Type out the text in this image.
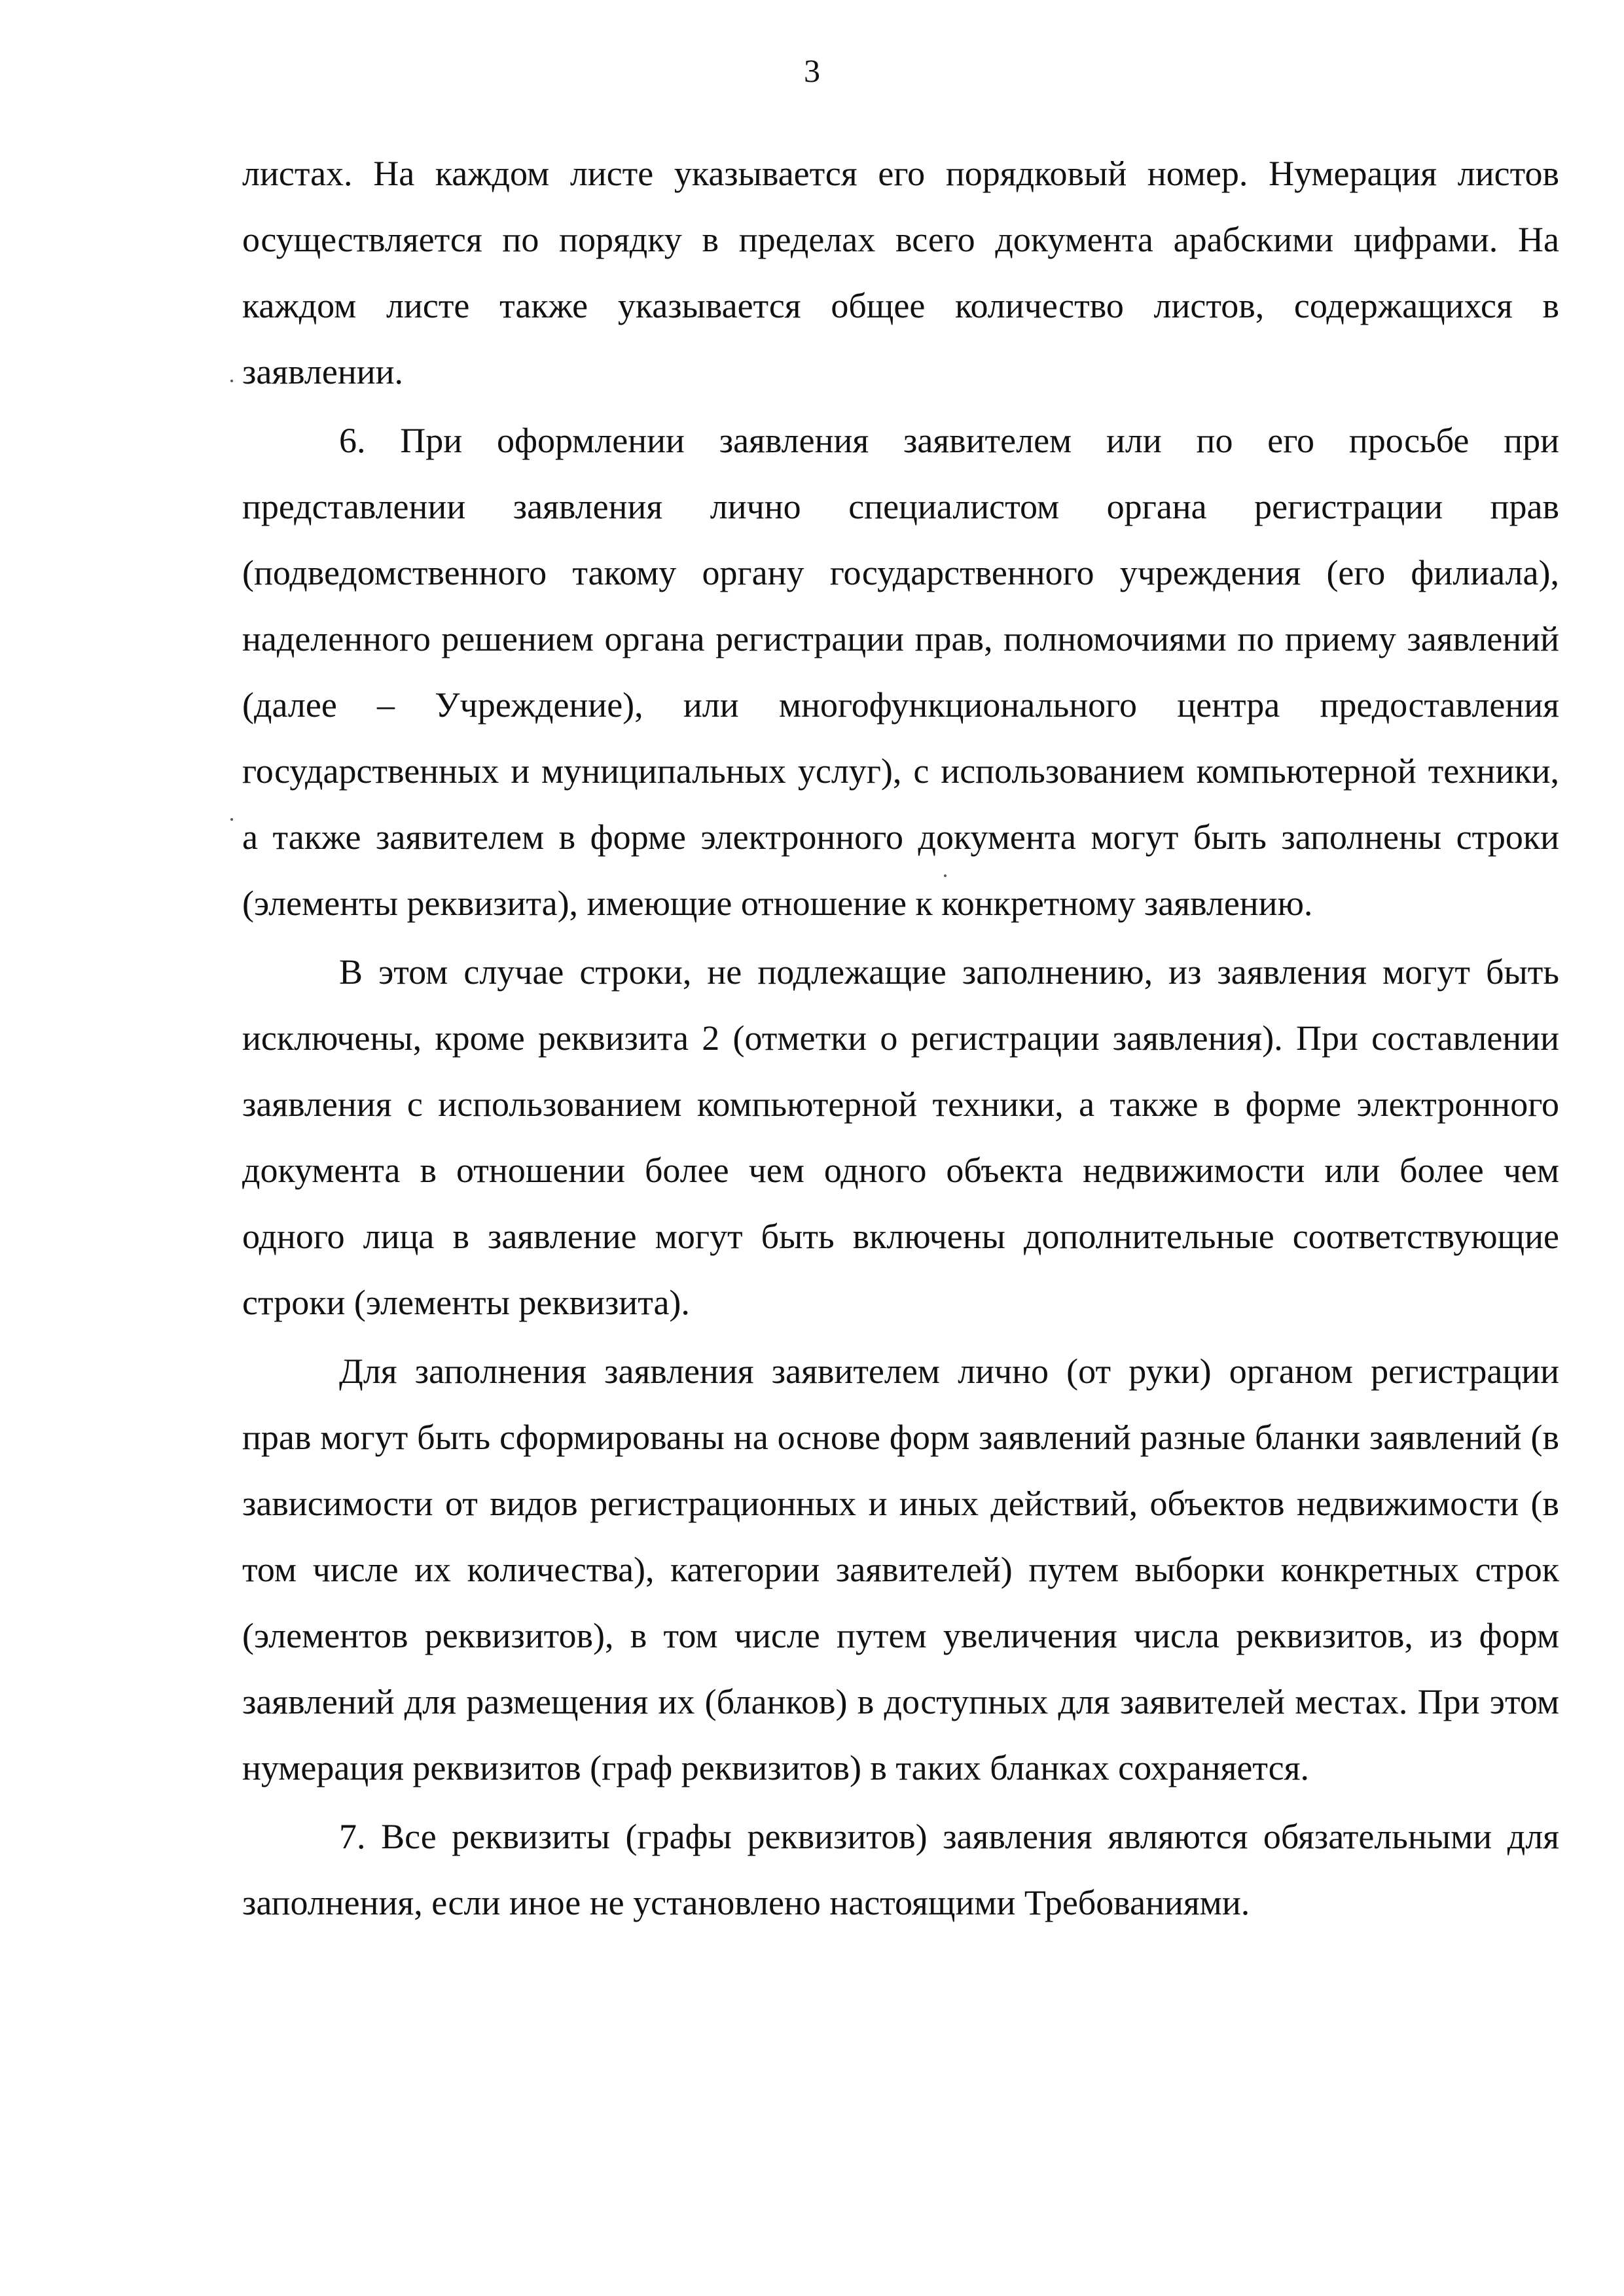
3

листах. На каждом листе указывается его порядковый номер. Нумерация листов осуществляется по порядку в пределах всего документа арабскими цифрами. На каждом листе также указывается общее количество листов, содержащихся в заявлении.

6. При оформлении заявления заявителем или по его просьбе при представлении заявления лично специалистом органа регистрации прав (подведомственного такому органу государственного учреждения (его филиала), наделенного решением органа регистрации прав, полномочиями по приему заявлений (далее – Учреждение), или многофункционального центра предоставления государственных и муниципальных услуг), с использованием компьютерной техники, а также заявителем в форме электронного документа могут быть заполнены строки (элементы реквизита), имеющие отношение к конкретному заявлению.

В этом случае строки, не подлежащие заполнению, из заявления могут быть исключены, кроме реквизита 2 (отметки о регистрации заявления). При составлении заявления с использованием компьютерной техники, а также в форме электронного документа в отношении более чем одного объекта недвижимости или более чем одного лица в заявление могут быть включены дополнительные соответствующие строки (элементы реквизита).

Для заполнения заявления заявителем лично (от руки) органом регистрации прав могут быть сформированы на основе форм заявлений разные бланки заявлений (в зависимости от видов регистрационных и иных действий, объектов недвижимости (в том числе их количества), категории заявителей) путем выборки конкретных строк (элементов реквизитов), в том числе путем увеличения числа реквизитов, из форм заявлений для размещения их (бланков) в доступных для заявителей местах. При этом нумерация реквизитов (граф реквизитов) в таких бланках сохраняется.

7. Все реквизиты (графы реквизитов) заявления являются обязательными для заполнения, если иное не установлено настоящими Требованиями.
